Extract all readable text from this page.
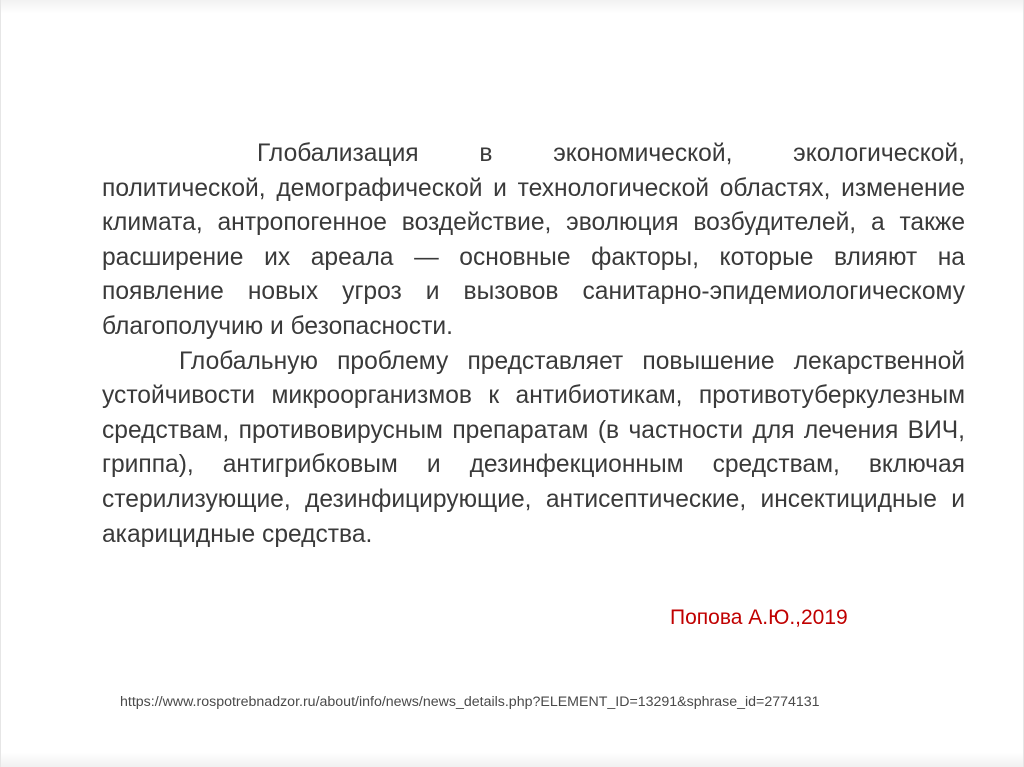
Глобализация в экономической, экологической, политической, демографической и технологической областях, изменение климата, антропогенное воздействие, эволюция возбудителей, а также расширение их ареала — основные факторы, которые влияют на появление новых угроз и вызовов санитарно-эпидемиологическому благополучию и безопасности.

Глобальную проблему представляет повышение лекарственной устойчивости микроорганизмов к антибиотикам, противотуберкулезным средствам, противовирусным препаратам (в частности для лечения ВИЧ, гриппа), антигрибковым и дезинфекционным средствам, включая стерилизующие, дезинфицирующие, антисептические, инсектицидные и акарицидные средства.

Попова А.Ю.,2019
https://www.rospotrebnadzor.ru/about/info/news/news_details.php?ELEMENT_ID=13291&sphrase_id=2774131
